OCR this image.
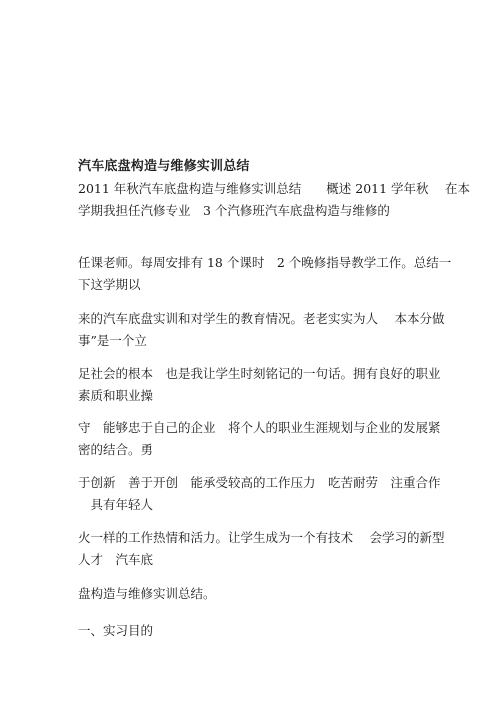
汽车底盘构造与维修实训总结

2011 年秋汽车底盘构造与维修实训总结　　概述 2011 学年秋　 在本
学期我担任汽修专业　3 个汽修班汽车底盘构造与维修的

任课老师。每周安排有 18 个课时　2 个晚修指导教学工作。总结一
下这学期以

来的汽车底盘实训和对学生的教育情况。老老实实为人　 本本分做
事”是一个立

足社会的根本　也是我让学生时刻铭记的一句话。拥有良好的职业
素质和职业操

守　能够忠于自己的企业　将个人的职业生涯规划与企业的发展紧
密的结合。勇

于创新　善于开创　能承受较高的工作压力　吃苦耐劳　注重合作
　具有年轻人

火一样的工作热情和活力。让学生成为一个有技术　 会学习的新型
人才　汽车底

盘构造与维修实训总结。

一、实习目的
